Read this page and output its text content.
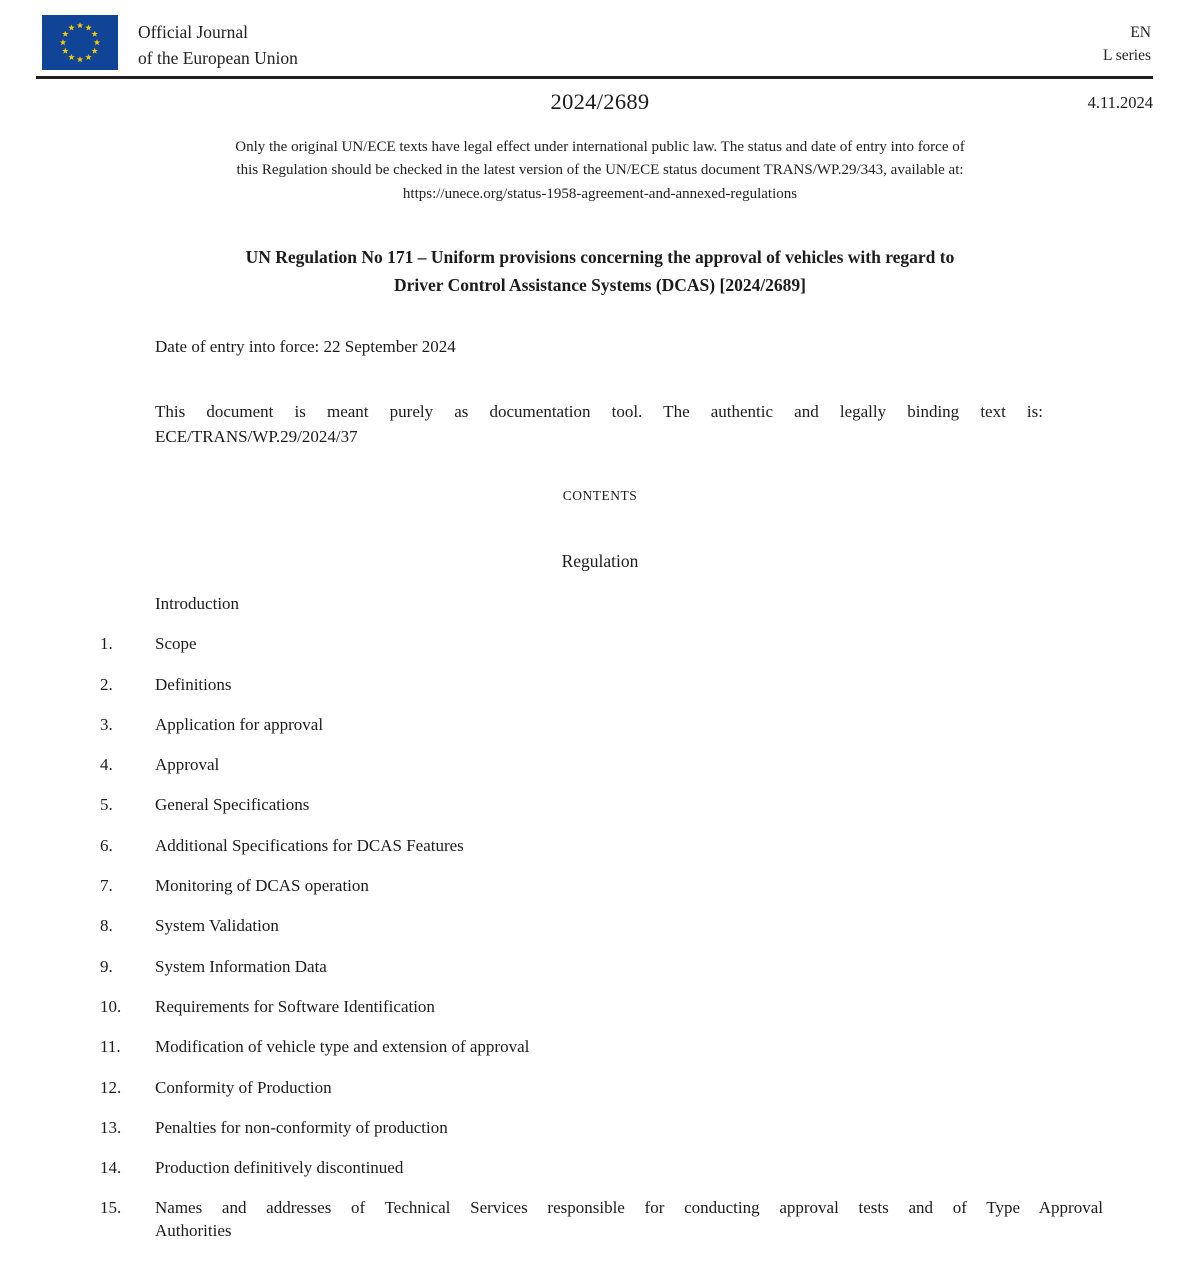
Official Journal
of the European Union
EN
L series
2024/2689	4.11.2024
Only the original UN/ECE texts have legal effect under international public law. The status and date of entry into force of
this Regulation should be checked in the latest version of the UN/ECE status document TRANS/WP.29/343, available at:
https://unece.org/status-1958-agreement-and-annexed-regulations
UN Regulation No 171 – Uniform provisions concerning the approval of vehicles with regard to
Driver Control Assistance Systems (DCAS) [2024/2689]

Date of entry into force: 22 September 2024

This document is meant purely as documentation tool. The authentic and legally binding text is:
ECE/TRANS/WP.29/2024/37
CONTENTS
Regulation
Introduction
1.	Scope
2.	Definitions
3.	Application for approval
4.	Approval
5.	General Specifications
6.	Additional Specifications for DCAS Features
7.	Monitoring of DCAS operation
8.	System Validation
9.	System Information Data
10.	Requirements for Software Identification
11.	Modification of vehicle type and extension of approval
12.	Conformity of Production
13.	Penalties for non-conformity of production
14.	Production definitively discontinued
15.	Names and addresses of Technical Services responsible for conducting approval tests and of Type Approval
Authorities
